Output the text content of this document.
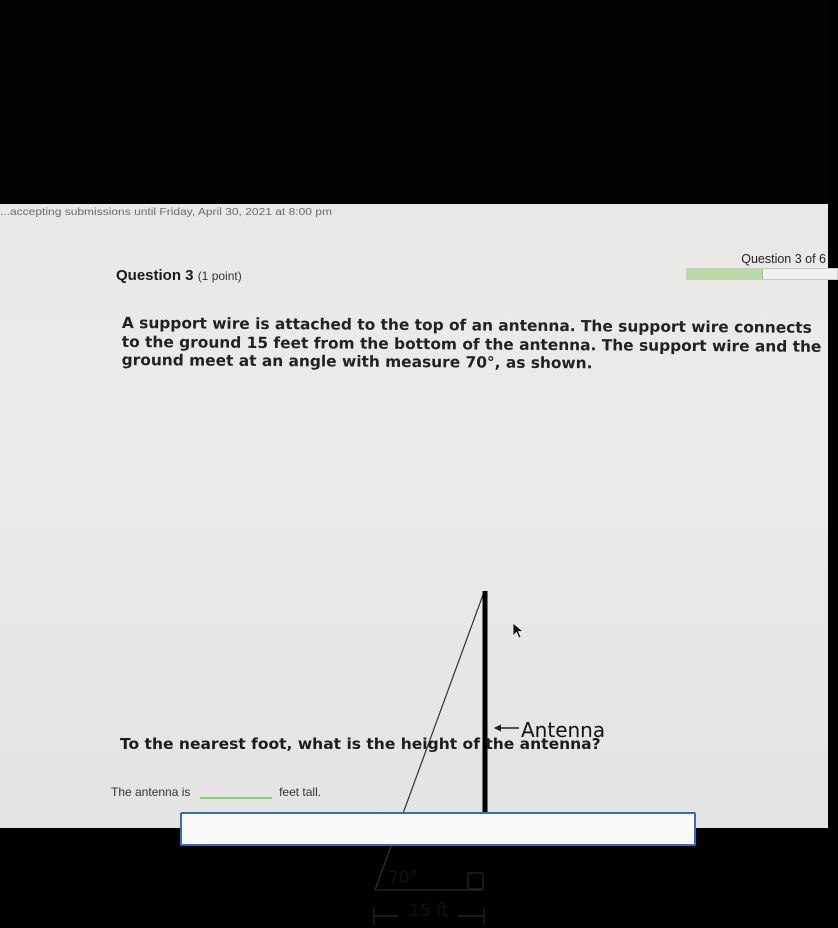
...accepting submissions until Friday, April 30, 2021 at 8:00 pm
Question 3 of 6
Question 3 (1 point)

A support wire is attached to the top of an antenna. The support wire connects

to the ground 15 feet from the bottom of the antenna. The support wire and the

ground meet at an angle with measure 70°, as shown.

Antenna
70°
15 ft
To the nearest foot, what is the height of the antenna?
The antenna is	feet tall.
